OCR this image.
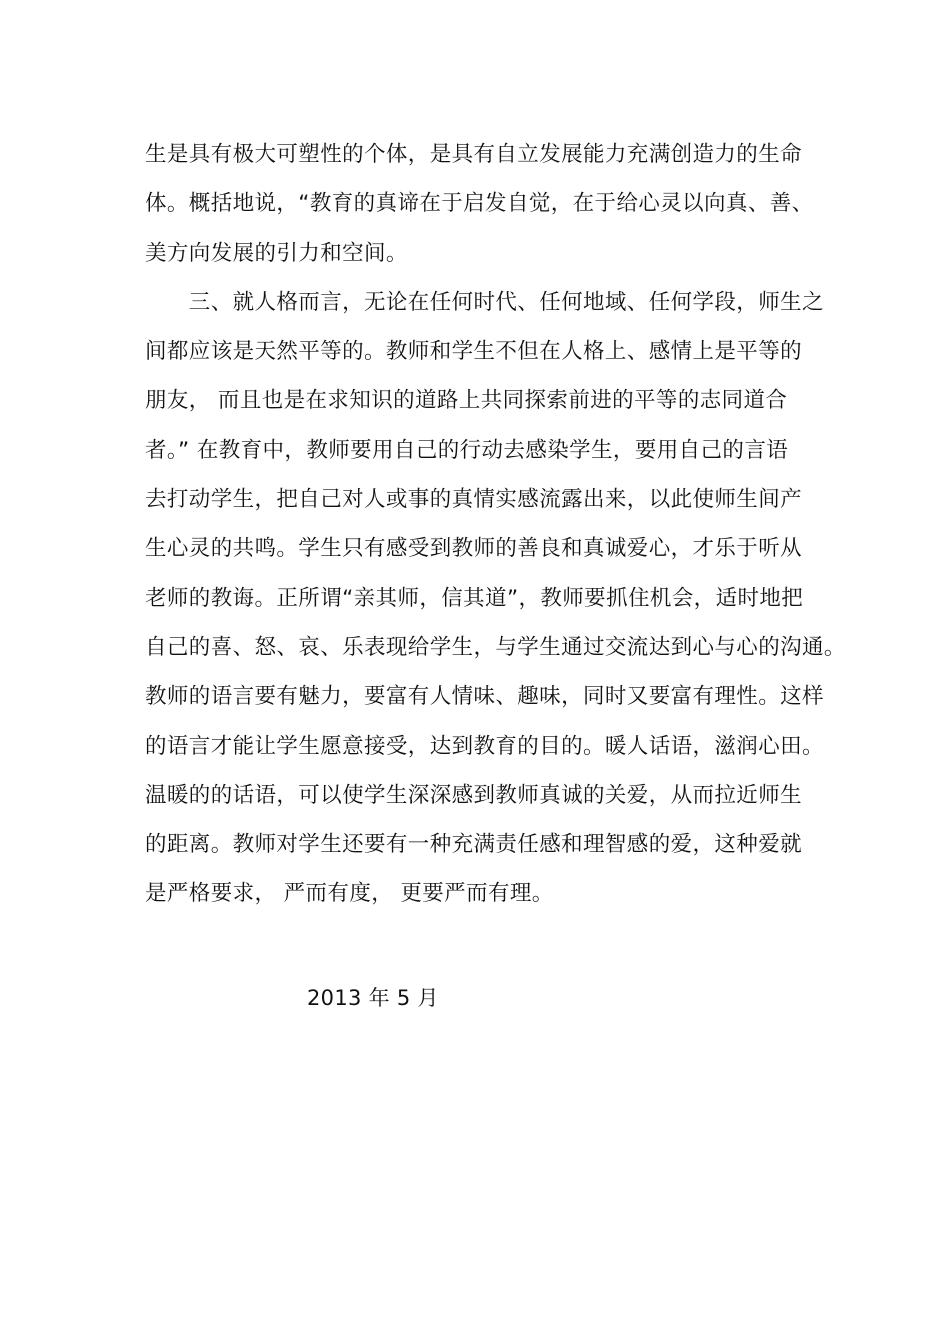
生是具有极大可塑性的个体，是具有自立发展能力充满创造力的生命
体。概括地说，“教育的真谛在于启发自觉，在于给心灵以向真、善、
美方向发展的引力和空间。
　　三、就人格而言，无论在任何时代、任何地域、任何学段，师生之
间都应该是天然平等的。教师和学生不但在人格上、感情上是平等的
朋友， 而且也是在求知识的道路上共同探索前进的平等的志同道合
者。” 在教育中，教师要用自己的行动去感染学生，要用自己的言语
去打动学生，把自己对人或事的真情实感流露出来，以此使师生间产
生心灵的共鸣。学生只有感受到教师的善良和真诚爱心，才乐于听从
老师的教诲。正所谓“亲其师，信其道”，教师要抓住机会，适时地把
自己的喜、怒、哀、乐表现给学生，与学生通过交流达到心与心的沟通。
教师的语言要有魅力，要富有人情味、趣味，同时又要富有理性。这样
的语言才能让学生愿意接受，达到教育的目的。暖人话语，滋润心田。
温暖的的话语，可以使学生深深感到教师真诚的关爱，从而拉近师生
的距离。教师对学生还要有一种充满责任感和理智感的爱，这种爱就
是严格要求， 严而有度， 更要严而有理。
2013 年 5 月
